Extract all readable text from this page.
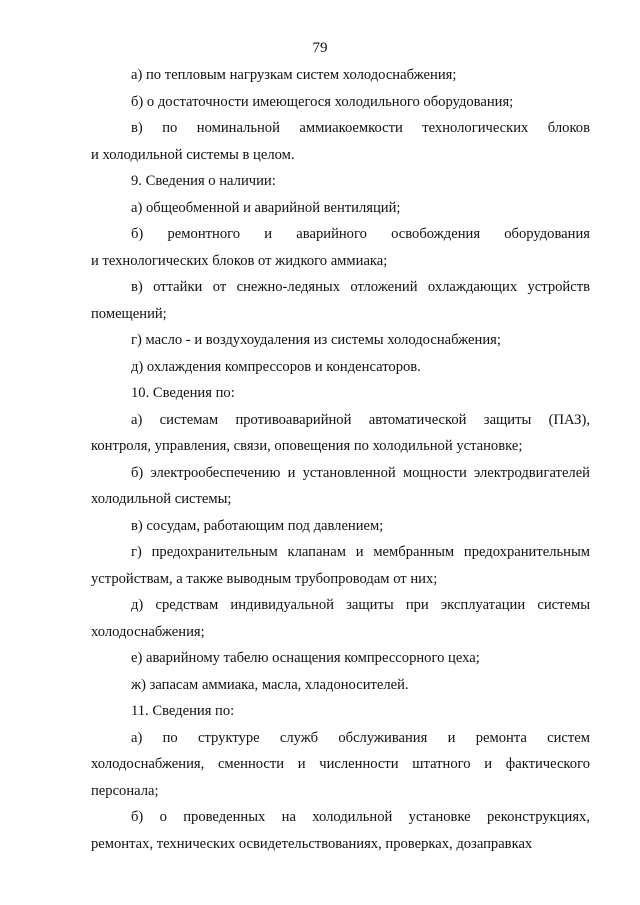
79
а) по тепловым нагрузкам систем холодоснабжения;
б) о достаточности имеющегося холодильного оборудования;
в) по номинальной аммиакоемкости технологических блоков
и холодильной системы в целом.
9. Сведения о наличии:
а) общеобменной и аварийной вентиляций;
б) ремонтного и аварийного освобождения оборудования
и технологических блоков от жидкого аммиака;
в) оттайки от снежно-ледяных отложений охлаждающих устройств
помещений;
г) масло - и воздухоудаления из системы холодоснабжения;
д) охлаждения компрессоров и конденсаторов.
10. Сведения по:
а) системам противоаварийной автоматической защиты (ПАЗ),
контроля, управления, связи, оповещения по холодильной установке;
б) электрообеспечению и установленной мощности электродвигателей
холодильной системы;
в) сосудам, работающим под давлением;
г) предохранительным клапанам и мембранным предохранительным
устройствам, а также выводным трубопроводам от них;
д) средствам индивидуальной защиты при эксплуатации системы
холодоснабжения;
е) аварийному табелю оснащения компрессорного цеха;
ж) запасам аммиака, масла, хладоносителей.
11. Сведения по:
а) по структуре служб обслуживания и ремонта систем
холодоснабжения, сменности и численности штатного и фактического
персонала;
б) о проведенных на холодильной установке реконструкциях,
ремонтах, технических освидетельствованиях, проверках, дозаправках
